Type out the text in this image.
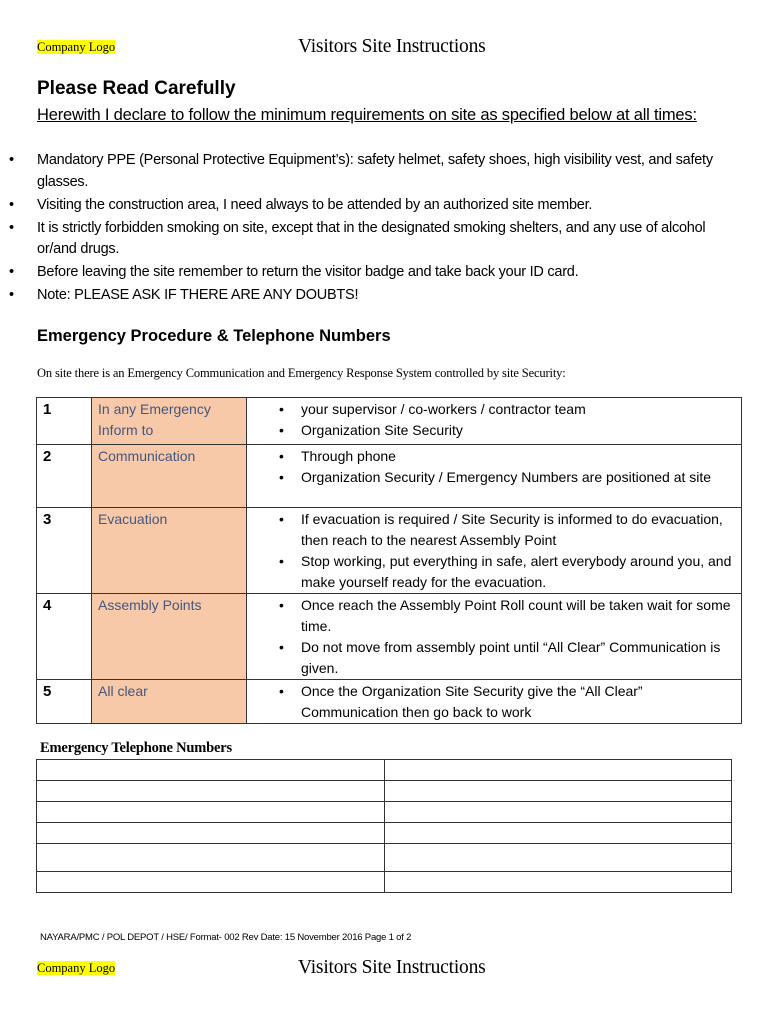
Company Logo	Visitors Site Instructions
Please Read Carefully
Herewith I declare to follow the minimum requirements on site as specified below at all times:
• Mandatory PPE (Personal Protective Equipment’s): safety helmet, safety shoes, high visibility vest, and safety glasses.
• Visiting the construction area, I need always to be attended by an authorized site member.
• It is strictly forbidden smoking on site, except that in the designated smoking shelters, and any use of alcohol or/and drugs.
• Before leaving the site remember to return the visitor badge and take back your ID card.
• Note: PLEASE ASK IF THERE ARE ANY DOUBTS!
Emergency Procedure & Telephone Numbers
On site there is an Emergency Communication and Emergency Response System controlled by site Security:
1	In any Emergency Inform to	
• your supervisor / co-workers / contractor team
• Organization Site Security

2	Communication	
•Through phone
• Organization Security / Emergency Numbers are positioned at site

3	Evacuation	
•If evacuation is required / Site Security is informed to do evacuation, then reach to the nearest Assembly Point
• Stop working, put everything in safe, alert everybody around you, and make yourself ready for the evacuation.

4	Assembly Points	
•Once reach the Assembly Point Roll count will be taken wait for some time.
• Do not move from assembly point until “All Clear” Communication is given.

5	All clear	
•Once the Organization Site Security give the “All Clear” Communication then go back to work
Emergency Telephone Numbers

NAYARA/PMC / POL DEPOT / HSE/ Format- 002 Rev Date: 15 November 2016 Page 1 of 2
Company Logo	Visitors Site Instructions
